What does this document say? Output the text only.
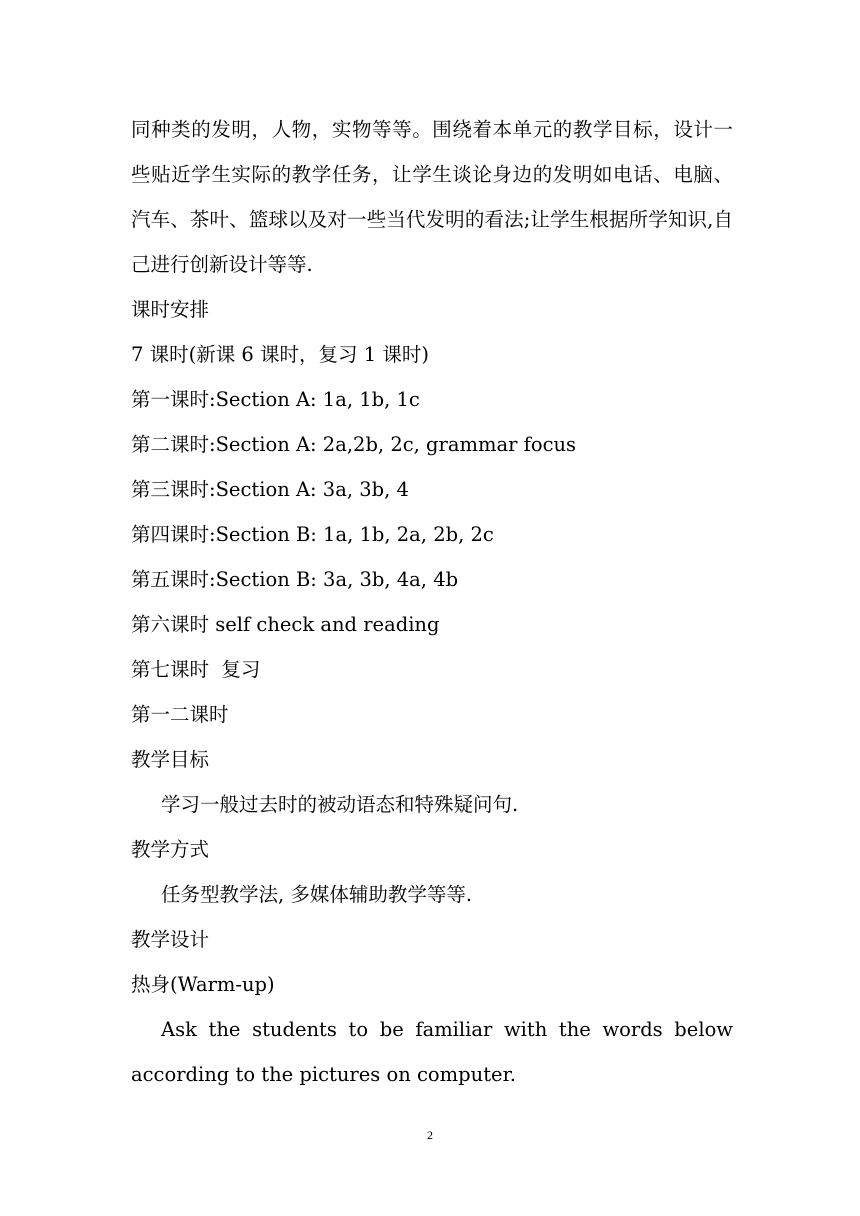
同种类的发明，人物，实物等等。围绕着本单元的教学目标，设计一些贴近学生实际的教学任务，让学生谈论身边的发明如电话、电脑、汽车、茶叶、篮球以及对一些当代发明的看法;让学生根据所学知识,自己进行创新设计等等.

课时安排

7 课时(新课 6 课时，复习 1 课时)

第一课时:Section A: 1a, 1b, 1c

第二课时:Section A: 2a,2b, 2c, grammar focus

第三课时:Section A: 3a, 3b, 4

第四课时:Section B: 1a, 1b, 2a, 2b, 2c

第五课时:Section B: 3a, 3b, 4a, 4b

第六课时 self check and reading

第七课时  复习

第一二课时

教学目标

学习一般过去时的被动语态和特殊疑问句.

教学方式

任务型教学法, 多媒体辅助教学等等.

教学设计

热身(Warm-up)

Ask the students to be familiar with the words below according to the pictures on computer.

2
